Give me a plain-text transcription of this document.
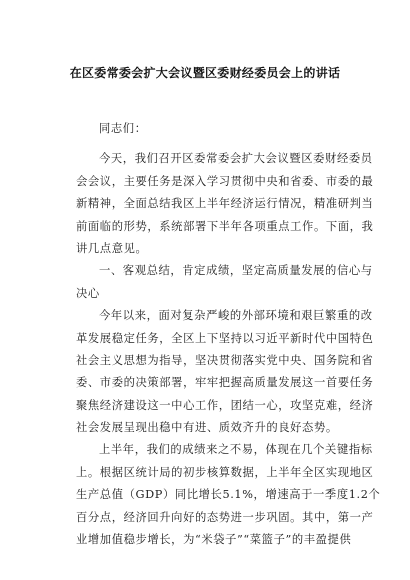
在区委常委会扩大会议暨区委财经委员会上的讲话
同志们：
今天，我们召开区委常委会扩大会议暨区委财经委员
会会议，主要任务是深入学习贯彻中央和省委、市委的最
新精神，全面总结我区上半年经济运行情况，精准研判当
前面临的形势，系统部署下半年各项重点工作。下面，我
讲几点意见。
一、客观总结，肯定成绩，坚定高质量发展的信心与
决心
今年以来，面对复杂严峻的外部环境和艰巨繁重的改
革发展稳定任务，全区上下坚持以习近平新时代中国特色
社会主义思想为指导，坚决贯彻落实党中央、国务院和省
委、市委的决策部署，牢牢把握高质量发展这一首要任务
聚焦经济建设这一中心工作，团结一心，攻坚克难，经济
社会发展呈现出稳中有进、质效齐升的良好态势。
上半年，我们的成绩来之不易，体现在几个关键指标
上。根据区统计局的初步核算数据，上半年全区实现地区
生产总值（GDP）同比增长5.1%，增速高于一季度1.2个
百分点，经济回升向好的态势进一步巩固。其中，第一产
业增加值稳步增长，为“米袋子”“菜篮子”的丰盈提供
